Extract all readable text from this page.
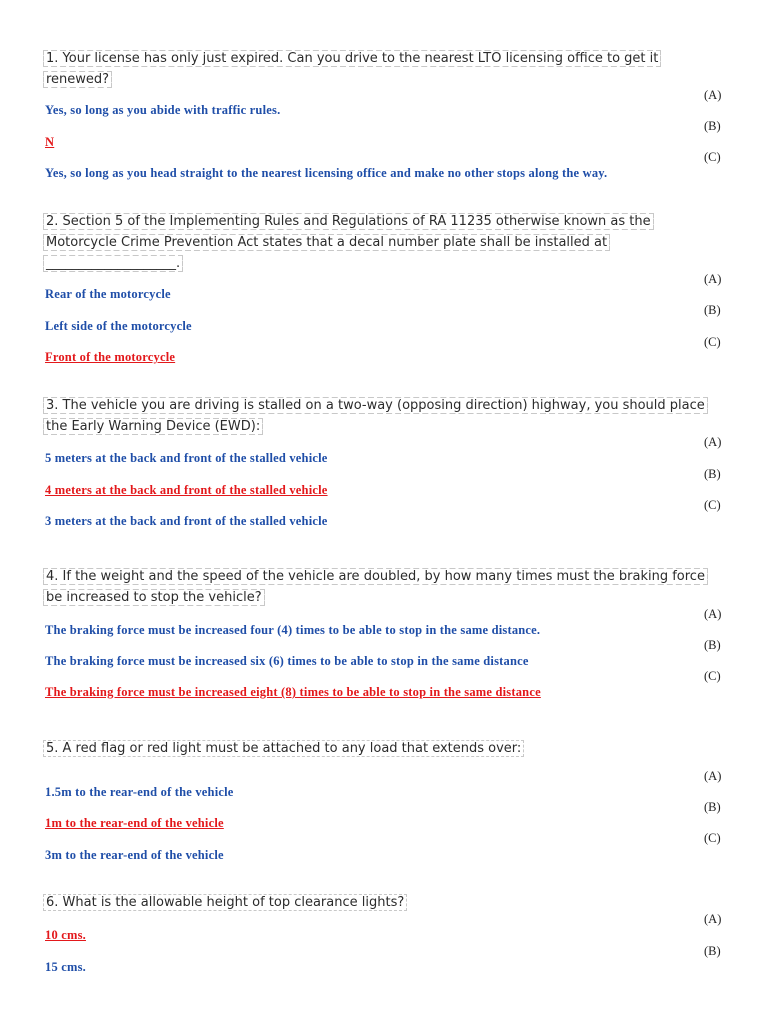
1. Your license has only just expired. Can you drive to the nearest LTO licensing office to get it renewed?
Yes, so long as you abide with traffic rules.
N
Yes, so long as you head straight to the nearest licensing office and make no other stops along the way.
(A)
(B)
(C)
2. Section 5 of the Implementing Rules and Regulations of RA 11235 otherwise known as the Motorcycle Crime Prevention Act states that a decal number plate shall be installed at ____________________.
Rear of the motorcycle
Left side of the motorcycle
Front of the motorcycle
(A)
(B)
(C)
3. The vehicle you are driving is stalled on a two-way (opposing direction) highway, you should place the Early Warning Device (EWD):
5 meters at the back and front of the stalled vehicle
4 meters at the back and front of the stalled vehicle
3 meters at the back and front of the stalled vehicle
(A)
(B)
(C)
4. If the weight and the speed of the vehicle are doubled, by how many times must the braking force be increased to stop the vehicle?
The braking force must be increased four (4) times to be able to stop in the same distance.
The braking force must be increased six (6) times to be able to stop in the same distance
The braking force must be increased eight (8) times to be able to stop in the same distance
(A)
(B)
(C)
5. A red flag or red light must be attached to any load that extends over:
1.5m to the rear-end of the vehicle
1m to the rear-end of the vehicle
3m to the rear-end of the vehicle
(A)
(B)
(C)
6. What is the allowable height of top clearance lights?
10 cms.
15 cms.
(A)
(B)
